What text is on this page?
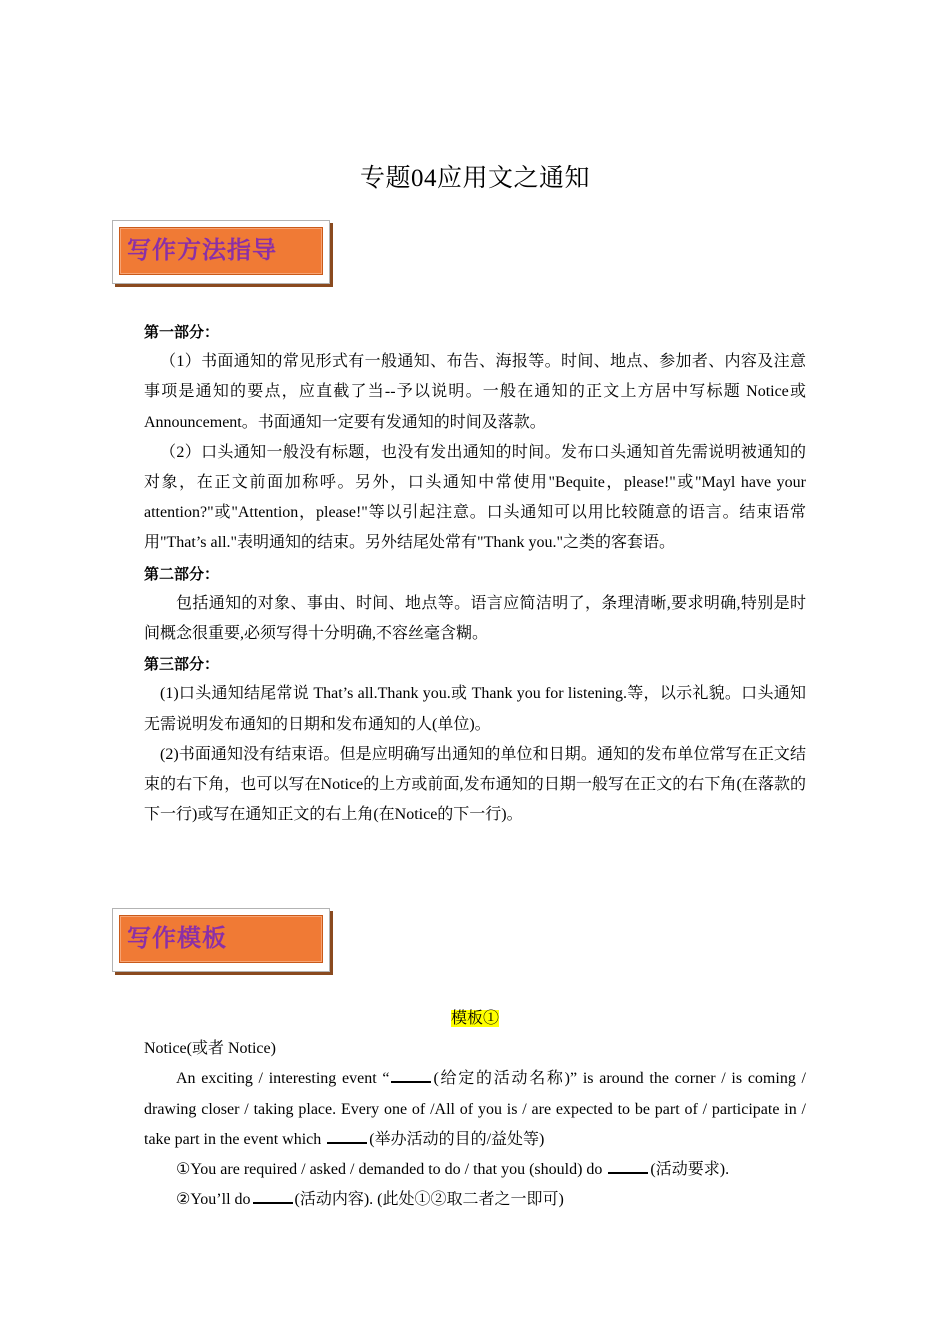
专题04应用文之通知
写作方法指导

第一部分：

（1）书面通知的常见形式有一般通知、布告、海报等。时间、地点、参加者、内容及注意事项是通知的要点，应直截了当--予以说明。一般在通知的正文上方居中写标题 Notice或Announcement。书面通知一定要有发通知的时间及落款。

（2）口头通知一般没有标题，也没有发出通知的时间。发布口头通知首先需说明被通知的对象，在正文前面加称呼。另外，口头通知中常使用"Bequite，please!"或"Mayl have your attention?"或"Attention，please!"等以引起注意。口头通知可以用比较随意的语言。结束语常用"That’s all."表明通知的结束。另外结尾处常有"Thank you."之类的客套语。

第二部分：

包括通知的对象、事由、时间、地点等。语言应简洁明了，条理清晰,要求明确,特别是时间概念很重要,必须写得十分明确,不容丝毫含糊。

第三部分：

(1)口头通知结尾常说 That’s all.Thank you.或 Thank you for listening.等，以示礼貌。口头通知无需说明发布通知的日期和发布通知的人(单位)。

(2)书面通知没有结束语。但是应明确写出通知的单位和日期。通知的发布单位常写在正文结束的右下角，也可以写在Notice的上方或前面,发布通知的日期一般写在正文的右下角(在落款的下一行)或写在通知正文的右上角(在Notice的下一行)。

写作模板

模板①

Notice(或者 Notice)

An exciting / interesting event “	(给定的活动名称)” is around the corner / is coming / drawing closer / taking place. Every one of /All of you is / are expected to be part of / participate in / take part in the event which	(举办活动的目的/益处等)

①You are required / asked / demanded to do / that you (should) do	(活动要求).

②You’ll do	(活动内容). (此处①②取二者之一即可)
